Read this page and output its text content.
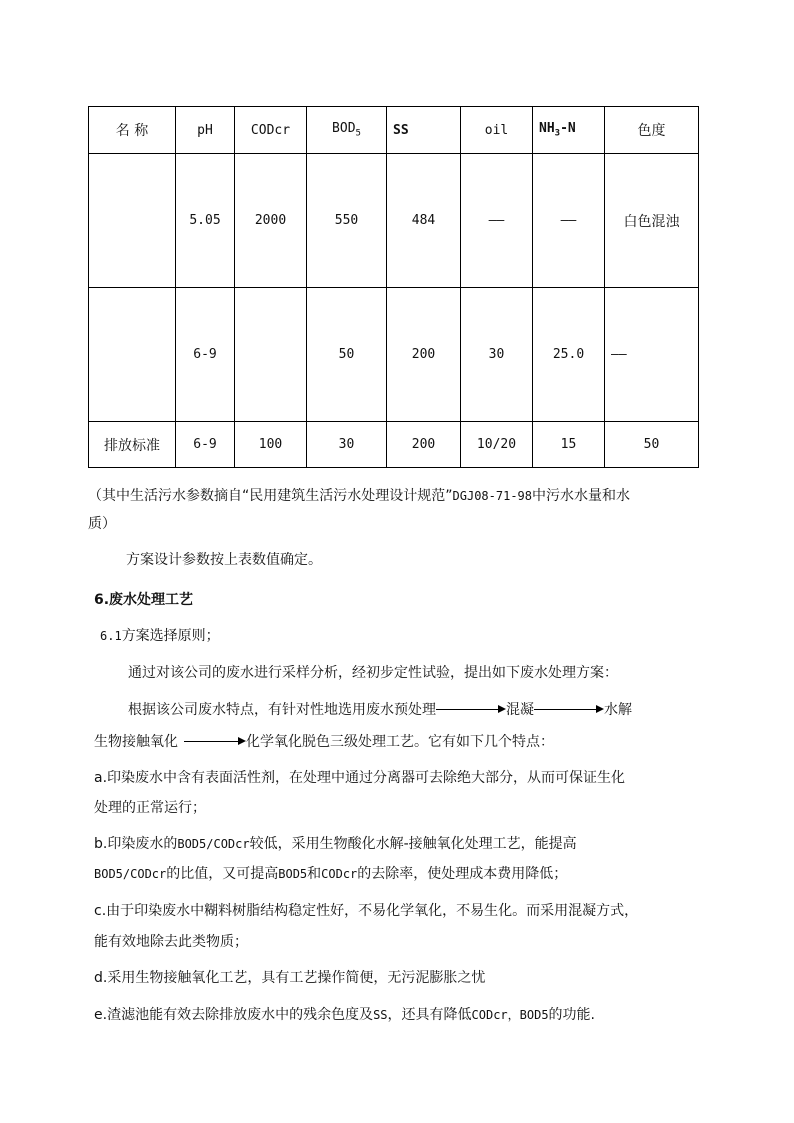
名 称	pH	CODcr	$BOD_5$	SS	oil	$NH_3-N$	色度
	5.05	2000	550	484	——	——	白色混浊
	6-9		50	200	30	25.0	——
排放标准	6-9	100	30	200	10/20	15	50
（其中生活污水参数摘自“民用建筑生活污水处理设计规范”DGJ08-71-98中污水水量和水
质）
方案设计参数按上表数值确定。
6.废水处理工艺
6.1方案选择原则；
通过对该公司的废水进行采样分析，经初步定性试验，提出如下废水处理方案：
根据该公司废水特点，有针对性地选用废水预处理	混凝	水解
生物接触氧化	化学氧化脱色三级处理工艺。它有如下几个特点：
a.印染废水中含有表面活性剂，在处理中通过分离器可去除绝大部分，从而可保证生化
处理的正常运行；
b.印染废水的BOD5/CODcr较低，采用生物酸化水解-接触氧化处理工艺，能提高
BOD5/CODcr的比值，又可提高BOD5和CODcr的去除率，使处理成本费用降低；
c.由于印染废水中糊料树脂结构稳定性好，不易化学氧化，不易生化。而采用混凝方式，
能有效地除去此类物质；
d.采用生物接触氧化工艺，具有工艺操作简便，无污泥膨胀之忧
e.渣滤池能有效去除排放废水中的残余色度及SS，还具有降低CODcr，BOD5的功能.
